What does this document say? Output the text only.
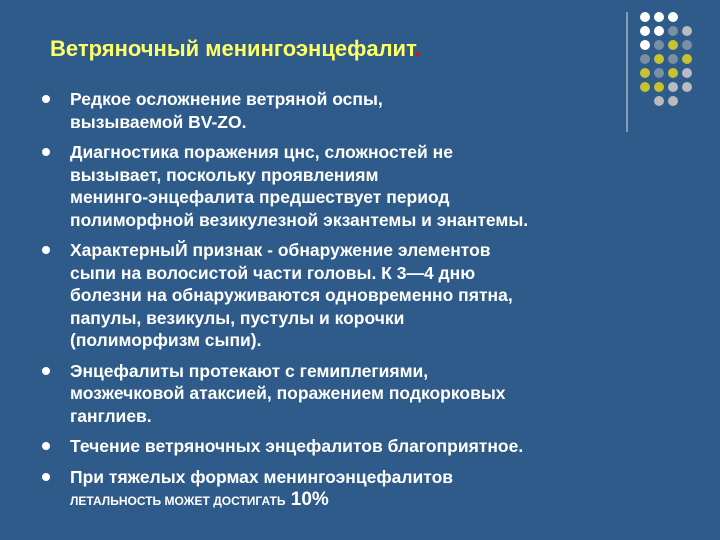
Ветряночный менингоэнцефалит.
Редкое осложнение ветряной оспы,
вызываемой BV-ZO.
Диагностика поражения цнс, сложностей не
вызывает, поскольку проявлениям
менинго-энцефалита предшествует период
полиморфной везикулезной экзантемы и энантемы.
ХарактерныЙ признак - обнаружение элементов
сыпи на волосистой части головы. К 3—4 дню
болезни на обнаруживаются одновременно пятна,
папулы, везикулы, пустулы и корочки
(полиморфизм сыпи).
Энцефалиты протекают с гемиплегиями,
мозжечковой атаксией, поражением подкорковых
ганглиев.
Течение ветряночных энцефалитов благоприятное.
При тяжелых формах менингоэнцефалитов
ЛЕТАЛЬНОСТЬ МОЖЕТ ДОСТИГАТЬ 10%
